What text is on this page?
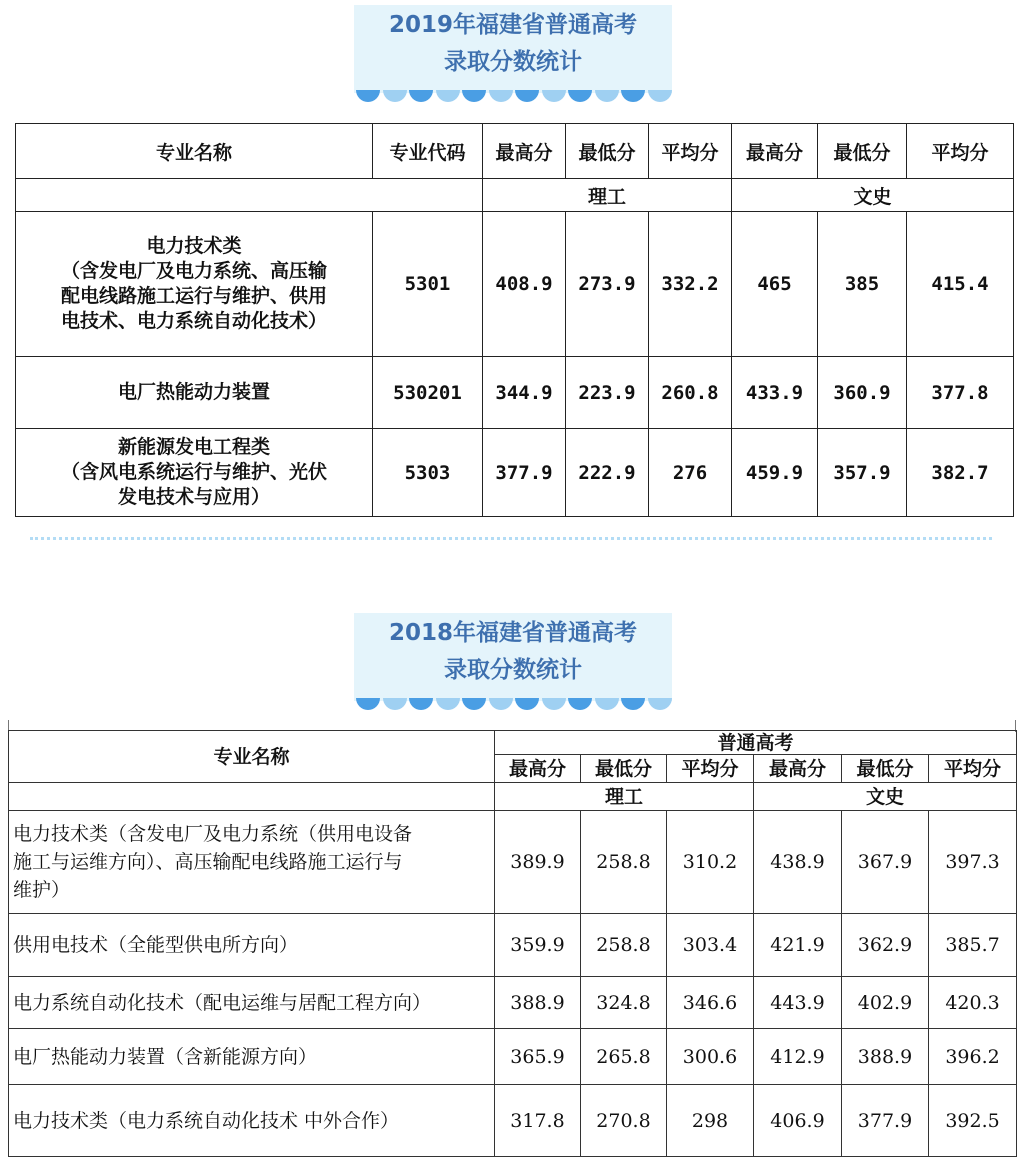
2019年福建省普通高考
录取分数统计
专业名称	专业代码	最高分	最低分	平均分	最高分	最低分	平均分
		理工			文史		

电力技术类
（含发电厂及电力系统、高压输
配电线路施工运行与维护、供用
电技术、电力系统自动化技术）	5301	408.9	273.9	332.2	465	385	415.4

电厂热能动力装置	530201	344.9	223.9	260.8	433.9	360.9	377.8

新能源发电工程类
（含风电系统运行与维护、光伏
发电技术与应用）	5303	377.9	222.9	276	459.9	357.9	382.7
2018年福建省普通高考
录取分数统计
专业名称	普通高考					
	最高分	最低分	平均分	最高分	最低分	平均分
	理工			文史		

电力技术类（含发电厂及电力系统（供用电设备
施工与运维方向）、高压输配电线路施工运行与
维护）	389.9	258.8	310.2	438.9	367.9	397.3

供用电技术（全能型供电所方向）	359.9	258.8	303.4	421.9	362.9	385.7

电力系统自动化技术（配电运维与居配工程方向）	388.9	324.8	346.6	443.9	402.9	420.3

电厂热能动力装置（含新能源方向）	365.9	265.8	300.6	412.9	388.9	396.2

电力技术类（电力系统自动化技术 中外合作）	317.8	270.8	298	406.9	377.9	392.5
